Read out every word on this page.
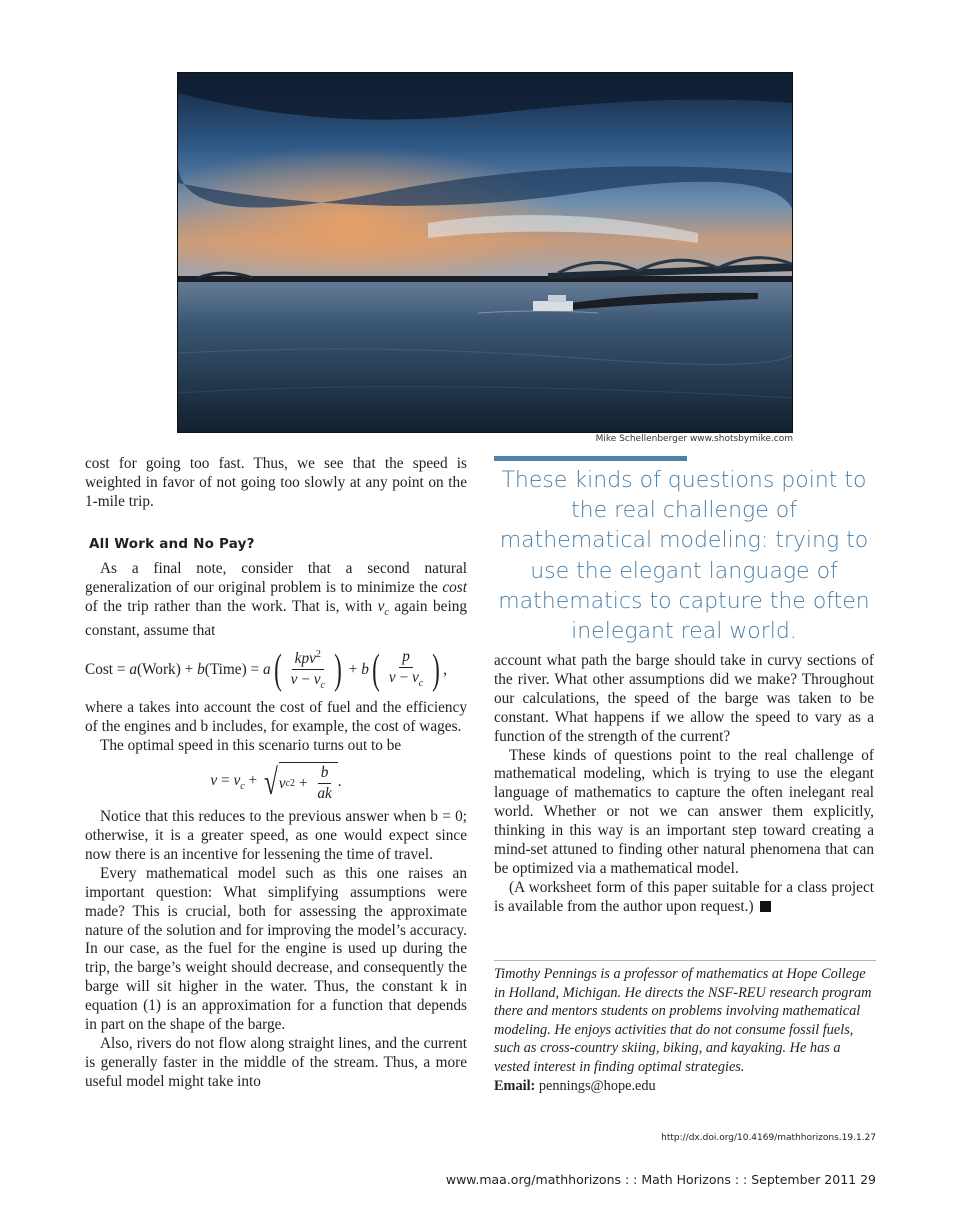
Mike Schellenberger www.shotsbymike.com

cost for going too fast. Thus, we see that the speed is weighted in favor of not going too slowly at any point on the 1-mile trip.

All Work and No Pay?

As a final note, consider that a second natural generalization of our original problem is to minimize the cost of the trip rather than the work. That is, with $v_c$ again being constant, assume that

Cost = a(Work) + b(Time) = a ( $\frac{kpv^2}{v - v_c}$ ) + b ( $\frac{p}{v - v_c}$ ) ,

where a takes into account the cost of fuel and the efficiency of the engines and b includes, for example, the cost of wages.

The optimal speed in this scenario turns out to be

$v = v_c$ + √ v c $2 + \frac{b}{ak}$ .

Notice that this reduces to the previous answer when b = 0; otherwise, it is a greater speed, as one would expect since now there is an incentive for lessening the time of travel.

Every mathematical model such as this one raises an important question: What simplifying assumptions were made? This is crucial, both for assessing the approximate nature of the solution and for improving the model’s accuracy. In our case, as the fuel for the engine is used up during the trip, the barge’s weight should decrease, and consequently the barge will sit higher in the water. Thus, the constant k in equation (1) is an approximation for a function that depends in part on the shape of the barge.

Also, rivers do not flow along straight lines, and the current is generally faster in the middle of the stream. Thus, a more useful model might take into

These kinds of questions point to the real challenge of mathematical modeling: trying to use the elegant language of mathematics to capture the often inelegant real world.

account what path the barge should take in curvy sections of the river. What other assumptions did we make? Throughout our calculations, the speed of the barge was taken to be constant. What happens if we allow the speed to vary as a function of the strength of the current?

These kinds of questions point to the real challenge of mathematical modeling, which is trying to use the elegant language of mathematics to capture the often inelegant real world. Whether or not we can answer them explicitly, thinking in this way is an important step toward creating a mind-set attuned to finding other natural phenomena that can be optimized via a mathematical model.

(A worksheet form of this paper suitable for a class project is available from the author upon request.)

Timothy Pennings is a professor of mathematics at Hope College in Holland, Michigan. He directs the NSF-REU research program there and mentors students on problems involving mathematical modeling. He enjoys activities that do not consume fossil fuels, such as cross-country skiing, biking, and kayaking. He has a vested interest in finding optimal strategies.

Email: pennings@hope.edu

http://dx.doi.org/10.4169/mathhorizons.19.1.27
www.maa.org/mathhorizons : : Math Horizons : : September 2011 29
